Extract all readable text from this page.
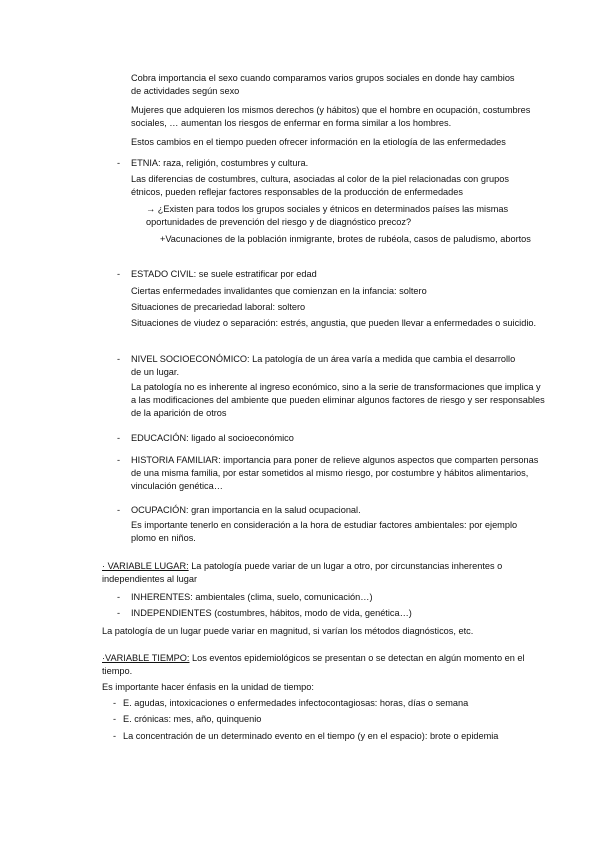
Cobra importancia el sexo cuando comparamos varios grupos sociales en donde hay cambios de actividades según sexo

Mujeres que adquieren los mismos derechos (y hábitos) que el hombre en ocupación, costumbres sociales, … aumentan los riesgos de enfermar en forma similar a los hombres.

Estos cambios en el tiempo pueden ofrecer información en la etiología de las enfermedades

- ETNIA: raza, religión, costumbres y cultura.

Las diferencias de costumbres, cultura, asociadas al color de la piel relacionadas con grupos étnicos, pueden reflejar factores responsables de la producción de enfermedades

→ ¿Existen para todos los grupos sociales y étnicos en determinados países las mismas oportunidades de prevención del riesgo y de diagnóstico precoz?

+Vacunaciones de la población inmigrante, brotes de rubéola, casos de paludismo, abortos

- ESTADO CIVIL: se suele estratificar por edad

Ciertas enfermedades invalidantes que comienzan en la infancia: soltero

Situaciones de precariedad laboral: soltero

Situaciones de viudez o separación: estrés, angustia, que pueden llevar a enfermedades o suicidio.

- NIVEL SOCIOECONÓMICO: La patología de un área varía a medida que cambia el desarrollo de un lugar.

La patología no es inherente al ingreso económico, sino a la serie de transformaciones que implica y a las modificaciones del ambiente que pueden eliminar algunos factores de riesgo y ser responsables de la aparición de otros

- EDUCACIÓN: ligado al socioeconómico

- HISTORIA FAMILIAR: importancia para poner de relieve algunos aspectos que comparten personas de una misma familia, por estar sometidos al mismo riesgo, por costumbre y hábitos alimentarios, vinculación genética…

- OCUPACIÓN: gran importancia en la salud ocupacional.

Es importante tenerlo en consideración a la hora de estudiar factores ambientales: por ejemplo plomo en niños.

· VARIABLE LUGAR: La patología puede variar de un lugar a otro, por circunstancias inherentes o independientes al lugar

- INHERENTES: ambientales (clima, suelo, comunicación…)

- INDEPENDIENTES (costumbres, hábitos, modo de vida, genética…)

La patología de un lugar puede variar en magnitud, si varían los métodos diagnósticos, etc.

·VARIABLE TIEMPO: Los eventos epidemiológicos se presentan o se detectan en algún momento en el tiempo.

Es importante hacer énfasis en la unidad de tiempo:

- E. agudas, intoxicaciones o enfermedades infectocontagiosas: horas, días o semana

- E. crónicas: mes, año, quinquenio

- La concentración de un determinado evento en el tiempo (y en el espacio): brote o epidemia
